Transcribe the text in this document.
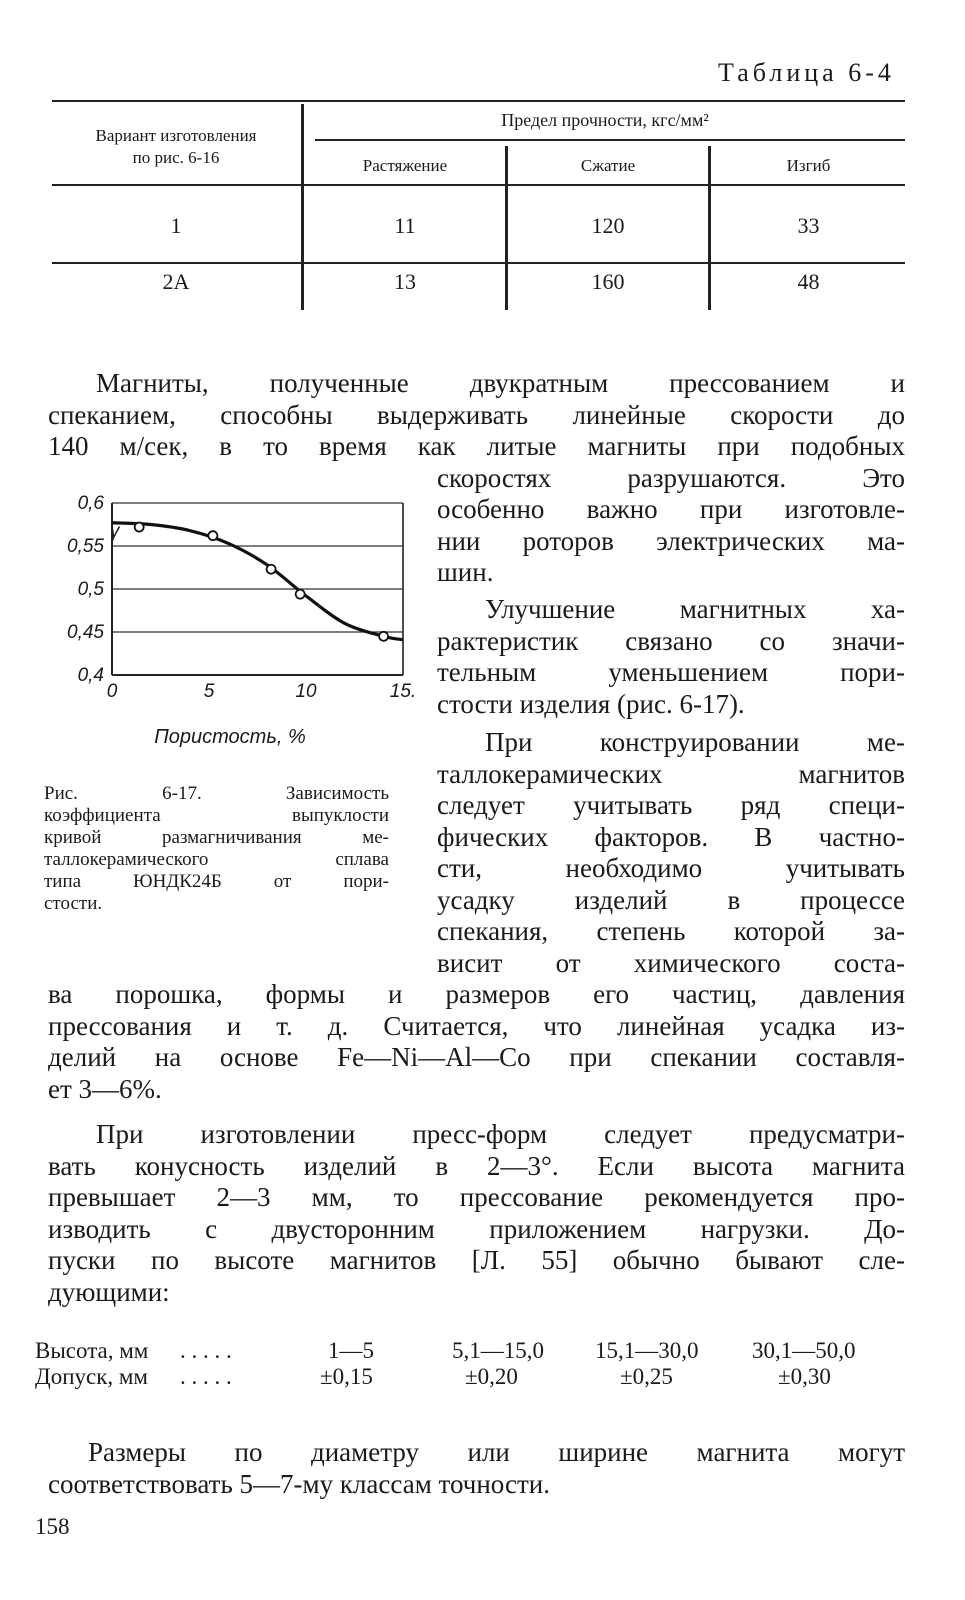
Таблица 6-4
Вариант изготовления
по рис. 6-16
Предел прочности, кгс/мм²
Растяжение	Сжатие	Изгиб
1	11	120	33
2А	13	160	48
Магниты, полученные двукратным прессованием и
спеканием, способны выдерживать линейные скорости до
140 м/сек, в то время как литые магниты при подобных
скоростях разрушаются. Это
особенно важно при изготовле-
нии роторов электрических ма-
шин.
Улучшение магнитных ха-
рактеристик связано со значи-
тельным уменьшением пори-
стости изделия (рис. 6-17).
При конструировании ме-
таллокерамических магнитов
следует учитывать ряд специ-
фических факторов. В частно-
сти, необходимо учитывать
усадку изделий в процессе
спекания, степень которой за-
висит от химического соста-
ва порошка, формы и размеров его частиц, давления
прессования и т. д. Считается, что линейная усадка из-
делий на основе Fe—Ni—Al—Co при спекании составля-
ет 3—6%.
При изготовлении пресс-форм следует предусматри-
вать конусность изделий в 2—3°. Если высота магнита
превышает 2—3 мм, то прессование рекомендуется про-
изводить с двусторонним приложением нагрузки. До-
пуски по высоте магнитов [Л. 55] обычно бывают сле-
дующими:
Высота, мм . . . . .	1—5	5,1—15,0 15,1—30,0 30,1—50,0
Допуск, мм . . . . .	±0,15	±0,20	±0,25	±0,30
Размеры по диаметру или ширине магнита могут
соответствовать 5—7-му классам точности.
158
0,4
0,45
0,5
0,55
0,6
0	5	10	15.
γ
Пористость, %
Рис. 6-17. Зависимость
коэффициента выпуклости
кривой размагничивания ме-
таллокерамического сплава
типа ЮНДК24Б от пори-
стости.
